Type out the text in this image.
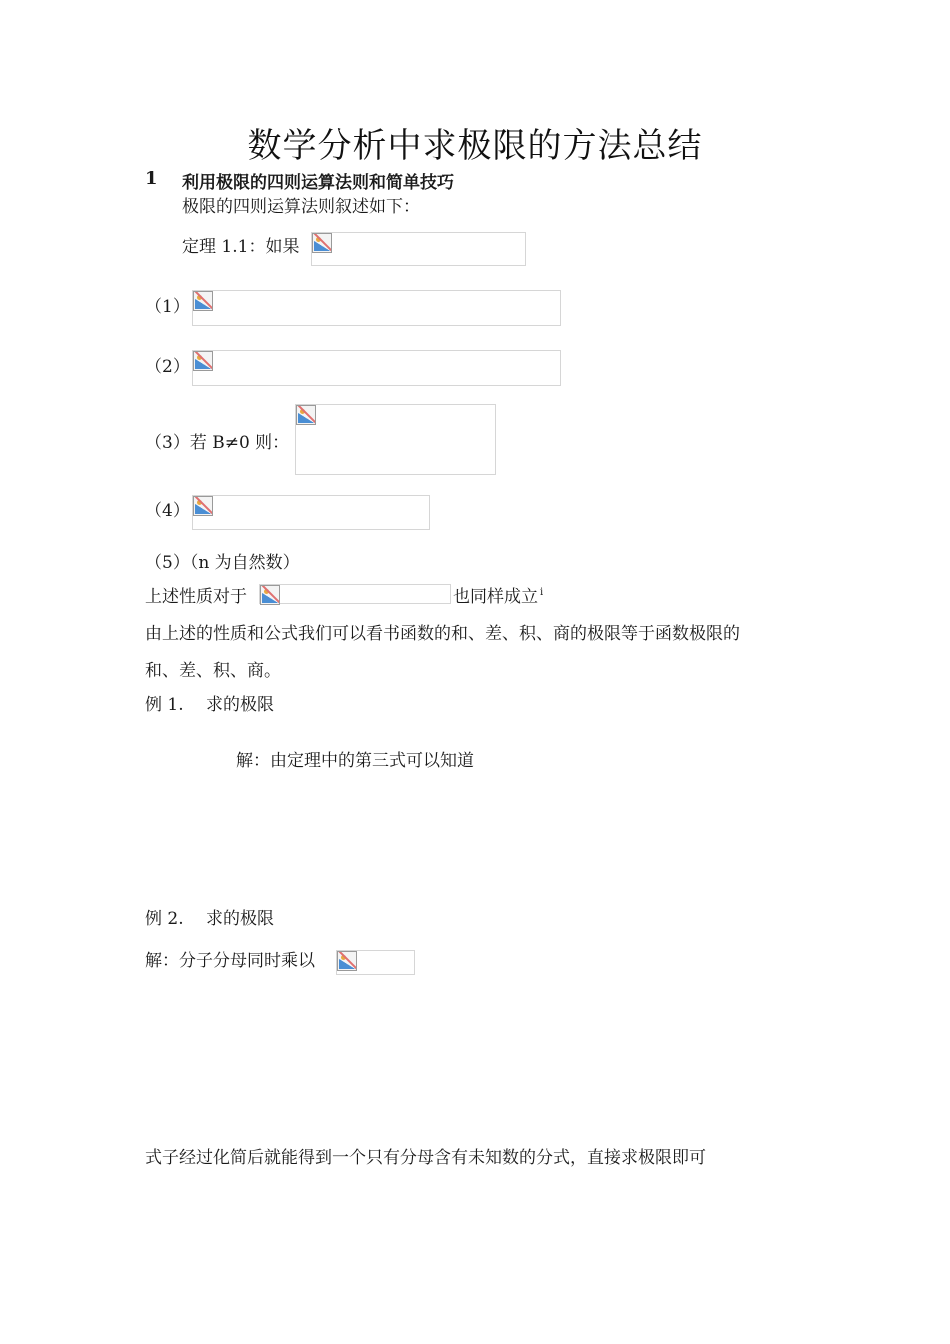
数学分析中求极限的方法总结
1 利用极限的四则运算法则和简单技巧
极限的四则运算法则叙述如下：
定理 1.1：如果
（1）
（2）
（3）若 B≠0 则：
（4）
（5）（n 为自然数）
上述性质对于	也同样成立 $^i$
由上述的性质和公式我们可以看书函数的和、差、积、商的极限等于函数极限的
和、差、积、商。
例 1. 求的极限
解：由定理中的第三式可以知道
例 2. 求的极限
解：分子分母同时乘以
式子经过化简后就能得到一个只有分母含有未知数的分式，直接求极限即可
